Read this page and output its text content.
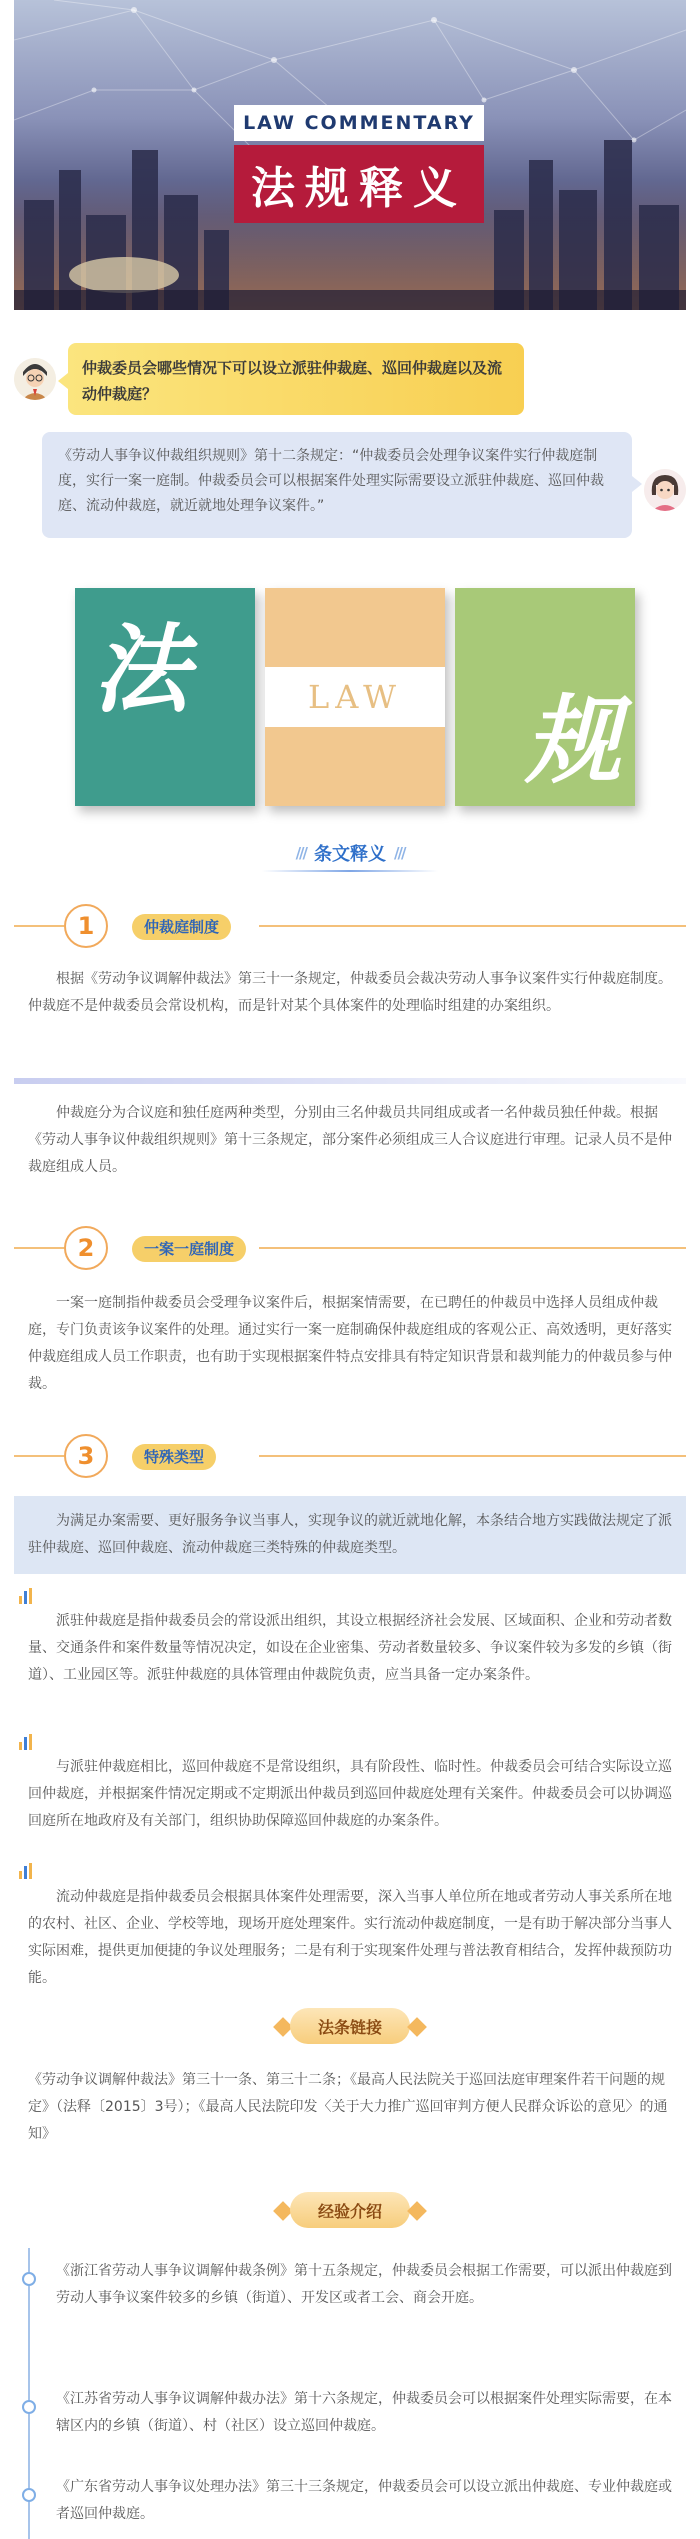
LAW COMMENTARY
法规释义
仲裁委员会哪些情况下可以设立派驻仲裁庭、巡回仲裁庭以及流动仲裁庭？
《劳动人事争议仲裁组织规则》第十二条规定：“仲裁委员会处理争议案件实行仲裁庭制度，实行一案一庭制。仲裁委员会可以根据案件处理实际需要设立派驻仲裁庭、巡回仲裁庭、流动仲裁庭，就近就地处理争议案件。”
法	LAW	规
/// 条文释义 ///
1	仲裁庭制度
根据《劳动争议调解仲裁法》第三十一条规定，仲裁委员会裁决劳动人事争议案件实行仲裁庭制度。仲裁庭不是仲裁委员会常设机构，而是针对某个具体案件的处理临时组建的办案组织。
仲裁庭分为合议庭和独任庭两种类型，分别由三名仲裁员共同组成或者一名仲裁员独任仲裁。根据《劳动人事争议仲裁组织规则》第十三条规定，部分案件必须组成三人合议庭进行审理。记录人员不是仲裁庭组成人员。
2	一案一庭制度
一案一庭制指仲裁委员会受理争议案件后，根据案情需要，在已聘任的仲裁员中选择人员组成仲裁庭，专门负责该争议案件的处理。通过实行一案一庭制确保仲裁庭组成的客观公正、高效透明，更好落实仲裁庭组成人员工作职责，也有助于实现根据案件特点安排具有特定知识背景和裁判能力的仲裁员参与仲裁。
3	特殊类型
为满足办案需要、更好服务争议当事人，实现争议的就近就地化解，本条结合地方实践做法规定了派驻仲裁庭、巡回仲裁庭、流动仲裁庭三类特殊的仲裁庭类型。
派驻仲裁庭是指仲裁委员会的常设派出组织，其设立根据经济社会发展、区域面积、企业和劳动者数量、交通条件和案件数量等情况决定，如设在企业密集、劳动者数量较多、争议案件较为多发的乡镇（街道）、工业园区等。派驻仲裁庭的具体管理由仲裁院负责，应当具备一定办案条件。
与派驻仲裁庭相比，巡回仲裁庭不是常设组织，具有阶段性、临时性。仲裁委员会可结合实际设立巡回仲裁庭，并根据案件情况定期或不定期派出仲裁员到巡回仲裁庭处理有关案件。仲裁委员会可以协调巡回庭所在地政府及有关部门，组织协助保障巡回仲裁庭的办案条件。
流动仲裁庭是指仲裁委员会根据具体案件处理需要，深入当事人单位所在地或者劳动人事关系所在地的农村、社区、企业、学校等地，现场开庭处理案件。实行流动仲裁庭制度，一是有助于解决部分当事人实际困难，提供更加便捷的争议处理服务；二是有利于实现案件处理与普法教育相结合，发挥仲裁预防功能。
法条链接
《劳动争议调解仲裁法》第三十一条、第三十二条；《最高人民法院关于巡回法庭审理案件若干问题的规定》（法释〔2015〕3号）；《最高人民法院印发〈关于大力推广巡回审判方便人民群众诉讼的意见〉的通知》
经验介绍
《浙江省劳动人事争议调解仲裁条例》第十五条规定，仲裁委员会根据工作需要，可以派出仲裁庭到劳动人事争议案件较多的乡镇（街道）、开发区或者工会、商会开庭。
《江苏省劳动人事争议调解仲裁办法》第十六条规定，仲裁委员会可以根据案件处理实际需要，在本辖区内的乡镇（街道）、村（社区）设立巡回仲裁庭。
《广东省劳动人事争议处理办法》第三十三条规定，仲裁委员会可以设立派出仲裁庭、专业仲裁庭或者巡回仲裁庭。
